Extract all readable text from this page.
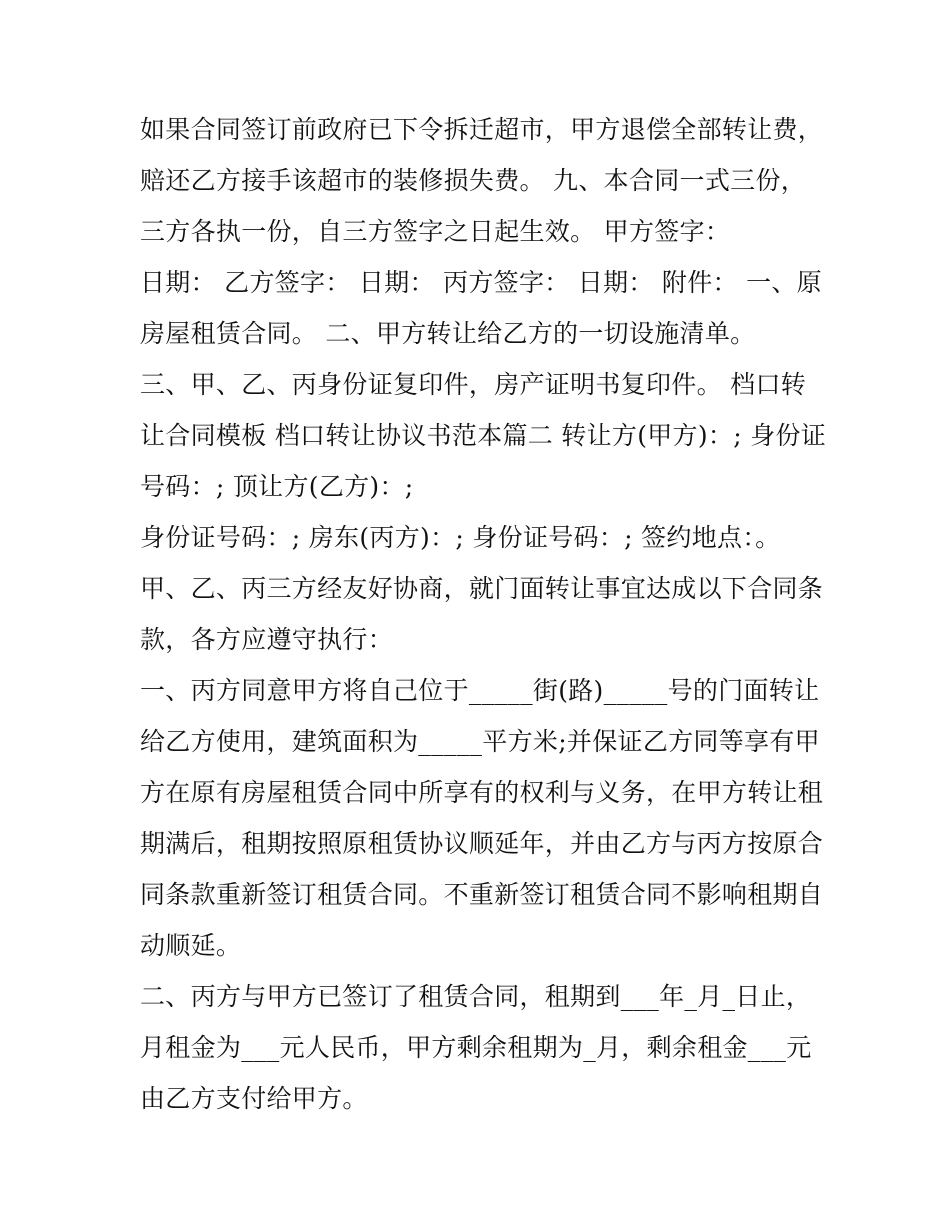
如果合同签订前政府已下令拆迁超市，甲方退偿全部转让费，
赔还乙方接手该超市的装修损失费。 九、本合同一式三份，
三方各执一份，自三方签字之日起生效。 甲方签字：
日期： 乙方签字： 日期： 丙方签字： 日期： 附件： 一、原
房屋租赁合同。 二、甲方转让给乙方的一切设施清单。
三、甲、乙、丙身份证复印件，房产证明书复印件。 档口转
让合同模板 档口转让协议书范本篇二 转让方(甲方)：; 身份证
号码：; 顶让方(乙方)：;
身份证号码：; 房东(丙方)：; 身份证号码：; 签约地点：。
甲、乙、丙三方经友好协商，就门面转让事宜达成以下合同条
款，各方应遵守执行：
一、丙方同意甲方将自己位于_____街(路)_____号的门面转让
给乙方使用，建筑面积为_____平方米;并保证乙方同等享有甲
方在原有房屋租赁合同中所享有的权利与义务，在甲方转让租
期满后，租期按照原租赁协议顺延年，并由乙方与丙方按原合
同条款重新签订租赁合同。不重新签订租赁合同不影响租期自
动顺延。
二、丙方与甲方已签订了租赁合同，租期到___年_月_日止，
月租金为___元人民币，甲方剩余租期为_月，剩余租金___元
由乙方支付给甲方。
